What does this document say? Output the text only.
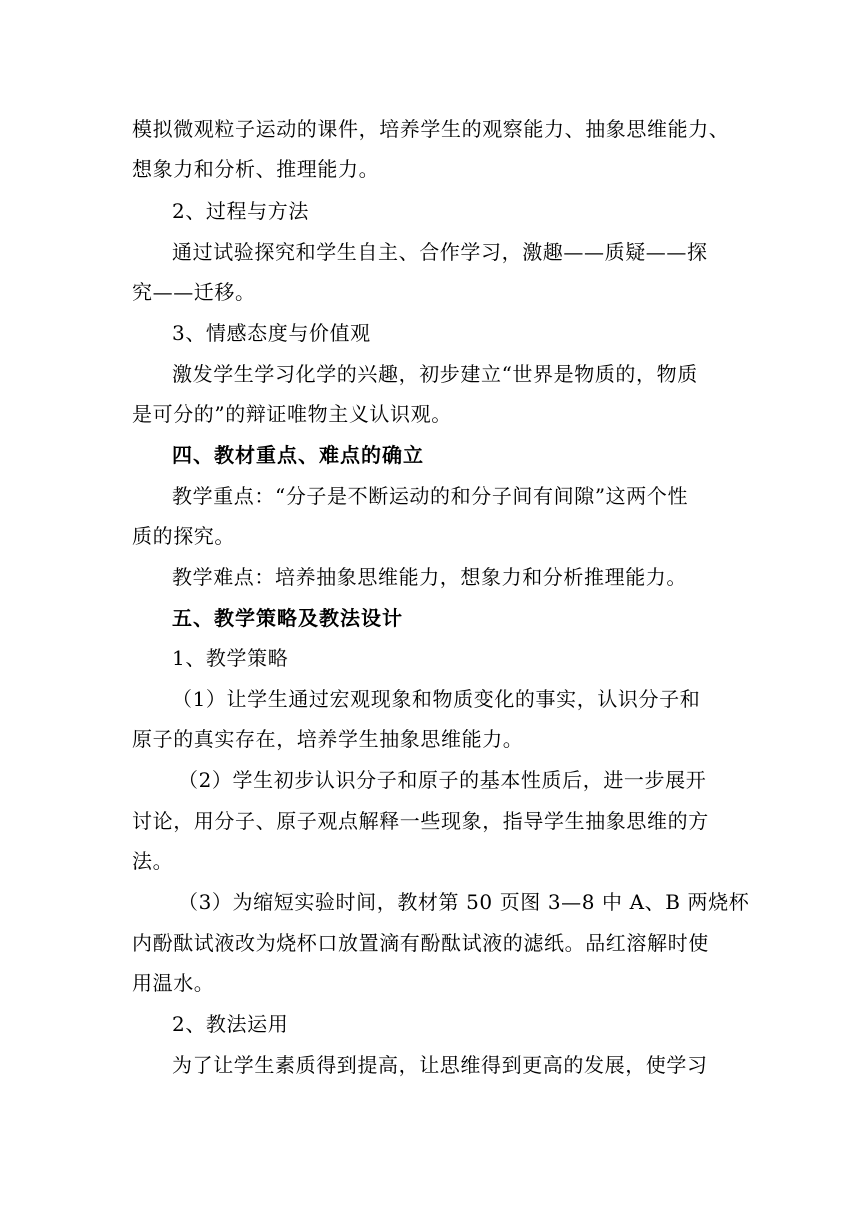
模拟微观粒子运动的课件，培养学生的观察能力、抽象思维能力、
想象力和分析、推理能力。
2、过程与方法
通过试验探究和学生自主、合作学习，激趣——质疑——探
究——迁移。
3、情感态度与价值观
激发学生学习化学的兴趣，初步建立“世界是物质的，物质
是可分的”的辩证唯物主义认识观。
四、教材重点、难点的确立
教学重点：“分子是不断运动的和分子间有间隙”这两个性
质的探究。
教学难点：培养抽象思维能力，想象力和分析推理能力。
五、教学策略及教法设计
1、教学策略
（1）让学生通过宏观现象和物质变化的事实，认识分子和
原子的真实存在，培养学生抽象思维能力。
（2）学生初步认识分子和原子的基本性质后，进一步展开
讨论，用分子、原子观点解释一些现象，指导学生抽象思维的方
法。
（3）为缩短实验时间，教材第 50 页图 3—8 中 A、B 两烧杯
内酚酞试液改为烧杯口放置滴有酚酞试液的滤纸。品红溶解时使
用温水。
2、教法运用
为了让学生素质得到提高，让思维得到更高的发展，使学习
